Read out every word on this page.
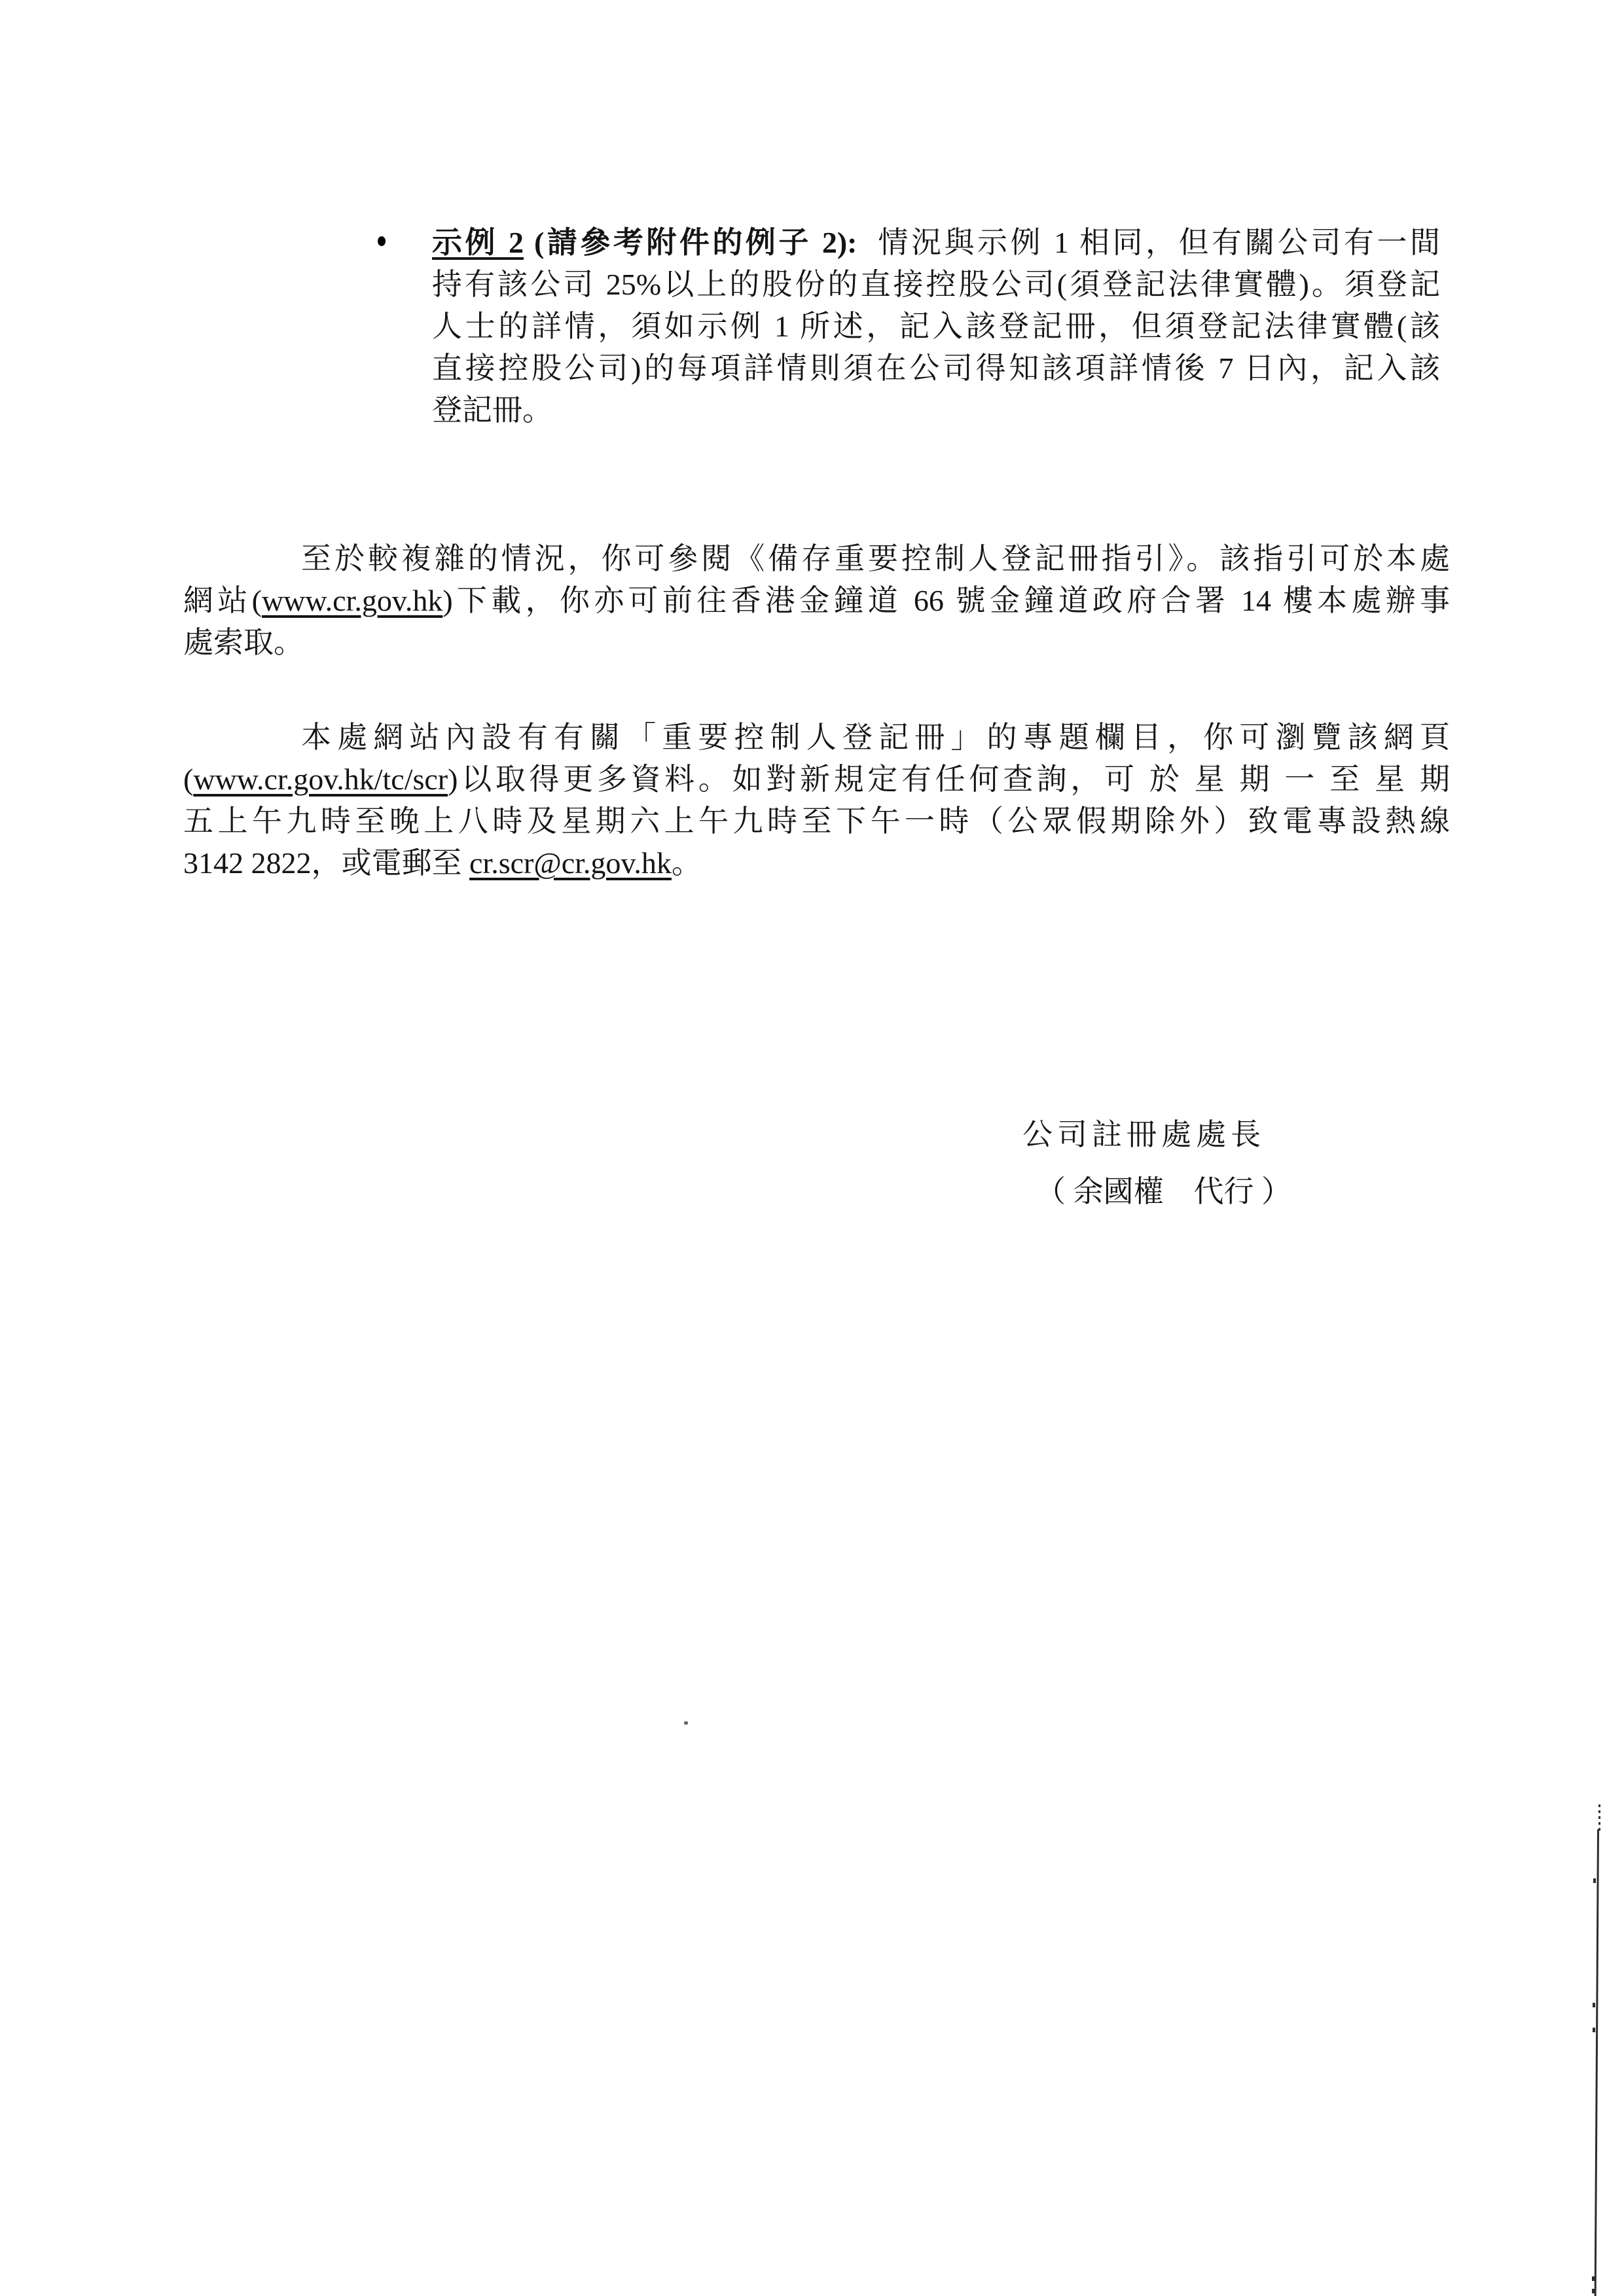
示例 2 (請參考附件的例子 2):  情況與示例 1 相同，但有關公司有一間
持有該公司 25%以上的股份的直接控股公司(須登記法律實體)。須登記
人士的詳情，須如示例 1 所述，記入該登記冊，但須登記法律實體(該
直接控股公司)的每項詳情則須在公司得知該項詳情後 7 日內，記入該
登記冊。
至於較複雜的情況，你可參閱《備存重要控制人登記冊指引》。該指引可於本處
網站(www.cr.gov.hk)下載，你亦可前往香港金鐘道 66 號金鐘道政府合署 14 樓本處辦事
處索取。
本處網站內設有有關「重要控制人登記冊」的專題欄目，你可瀏覽該網頁
(www.cr.gov.hk/tc/scr)以取得更多資料。如對新規定有任何查詢，可 於 星 期 一 至 星 期
五上午九時至晚上八時及星期六上午九時至下午一時（公眾假期除外）致電專設熱線
3142 2822，或電郵至 cr.scr@cr.gov.hk。
公司註冊處處長
（ 余國權　代行 ）
